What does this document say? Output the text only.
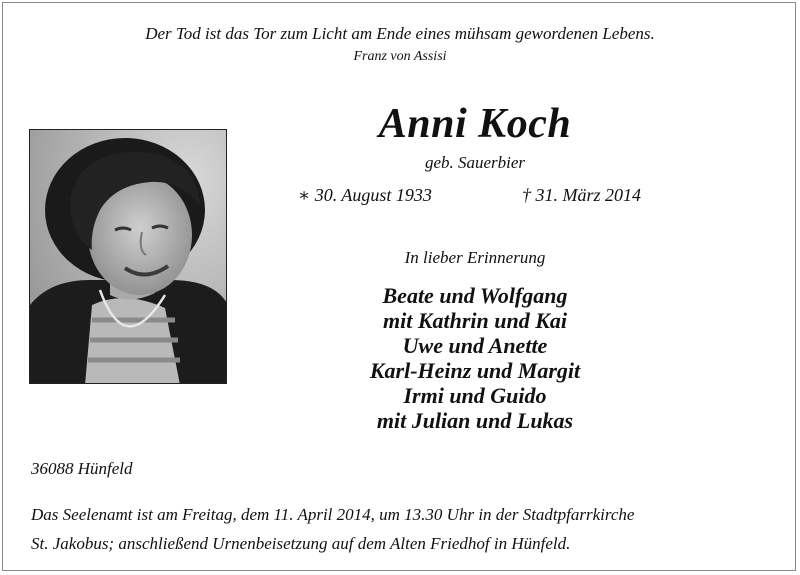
Der Tod ist das Tor zum Licht am Ende eines mühsam gewordenen Lebens.
Franz von Assisi
Anni Koch
geb. Sauerbier
∗ 30. August 1933	† 31. März 2014
In lieber Erinnerung
Beate und Wolfgang
mit Kathrin und Kai
Uwe und Anette
Karl-Heinz und Margit
Irmi und Guido
mit Julian und Lukas
36088 Hünfeld
Das Seelenamt ist am Freitag, dem 11. April 2014, um 13.30 Uhr in der Stadtpfarrkirche
St. Jakobus; anschließend Urnenbeisetzung auf dem Alten Friedhof in Hünfeld.
